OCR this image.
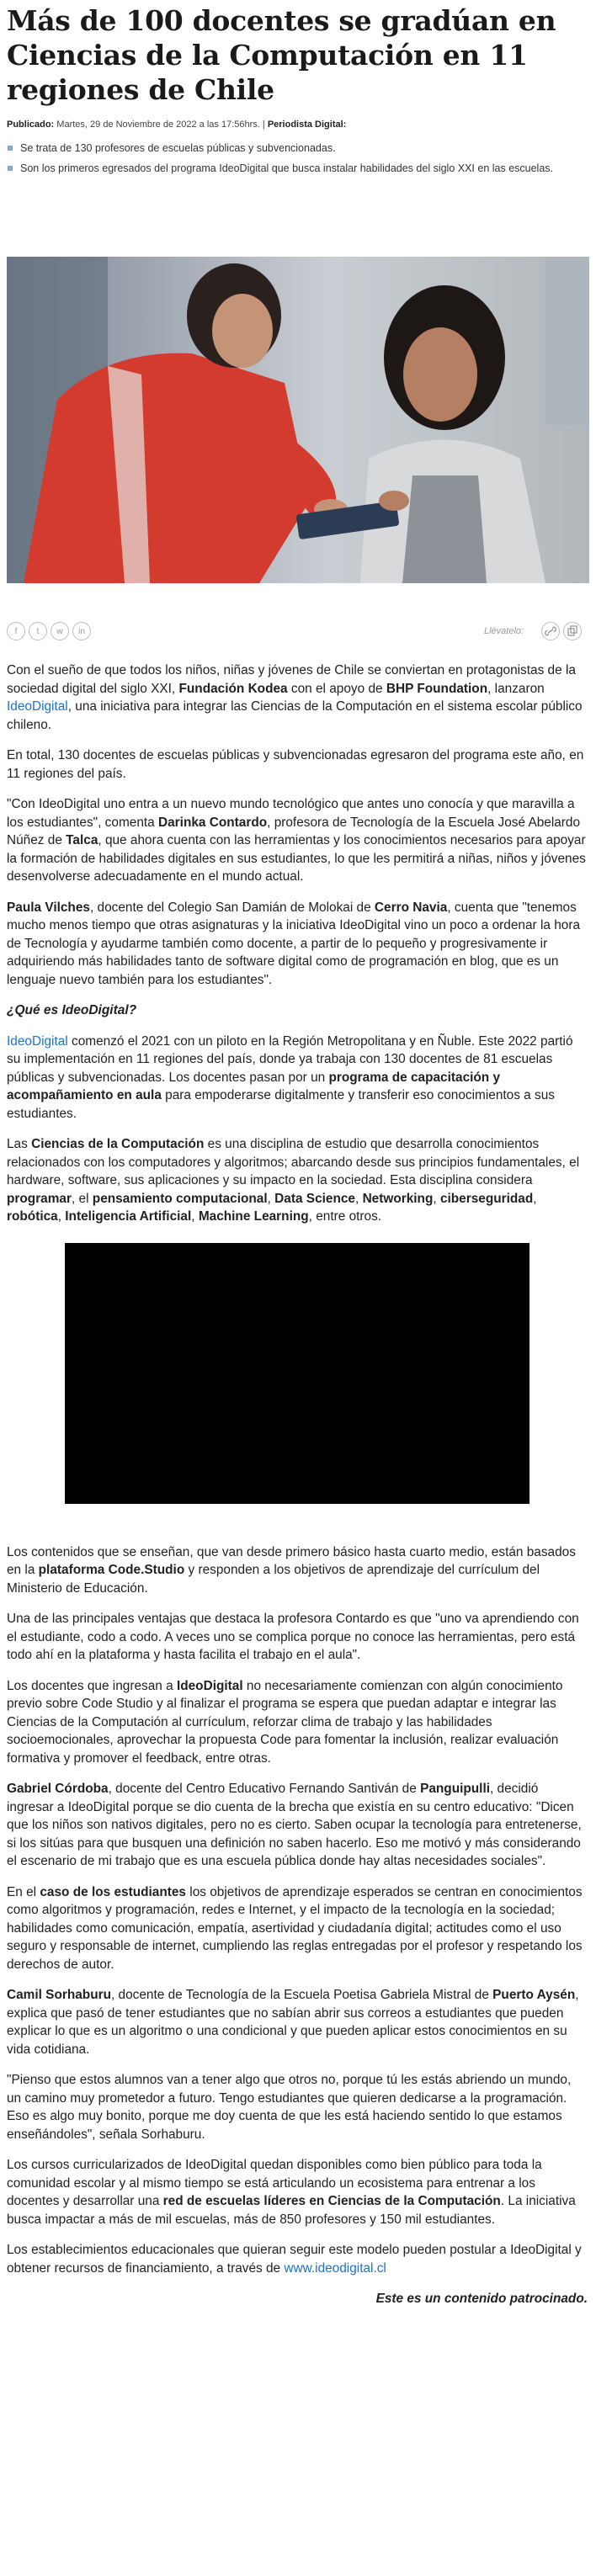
Más de 100 docentes se gradúan en Ciencias de la Computación en 11 regiones de Chile
Publicado: Martes, 29 de Noviembre de 2022 a las 17:56hrs. | Periodista Digital:
Se trata de 130 profesores de escuelas públicas y subvencionadas.
Son los primeros egresados del programa IdeoDigital que busca instalar habilidades del siglo XXI en las escuelas.
f	t	w	in	Llévatelo:

Con el sueño de que todos los niños, niñas y jóvenes de Chile se conviertan en protagonistas de la sociedad digital del siglo XXI, Fundación Kodea con el apoyo de BHP Foundation, lanzaron IdeoDigital, una iniciativa para integrar las Ciencias de la Computación en el sistema escolar público chileno.

En total, 130 docentes de escuelas públicas y subvencionadas egresaron del programa este año, en 11 regiones del país.

"Con IdeoDigital uno entra a un nuevo mundo tecnológico que antes uno conocía y que maravilla a los estudiantes", comenta Darinka Contardo, profesora de Tecnología de la Escuela José Abelardo Núñez de Talca, que ahora cuenta con las herramientas y los conocimientos necesarios para apoyar la formación de habilidades digitales en sus estudiantes, lo que les permitirá a niñas, niños y jóvenes desenvolverse adecuadamente en el mundo actual.

Paula Vilches, docente del Colegio San Damián de Molokai de Cerro Navia, cuenta que "tenemos mucho menos tiempo que otras asignaturas y la iniciativa IdeoDigital vino un poco a ordenar la hora de Tecnología y ayudarme también como docente, a partir de lo pequeño y progresivamente ir adquiriendo más habilidades tanto de software digital como de programación en blog, que es un lenguaje nuevo también para los estudiantes".

¿Qué es IdeoDigital?

IdeoDigital comenzó el 2021 con un piloto en la Región Metropolitana y en Ñuble. Este 2022 partió su implementación en 11 regiones del país, donde ya trabaja con 130 docentes de 81 escuelas públicas y subvencionadas. Los docentes pasan por un programa de capacitación y acompañamiento en aula para empoderarse digitalmente y transferir eso conocimientos a sus estudiantes.

Las Ciencias de la Computación es una disciplina de estudio que desarrolla conocimientos relacionados con los computadores y algoritmos; abarcando desde sus principios fundamentales, el hardware, software, sus aplicaciones y su impacto en la sociedad. Esta disciplina considera programar, el pensamiento computacional, Data Science, Networking, ciberseguridad, robótica, Inteligencia Artificial, Machine Learning, entre otros.

Los contenidos que se enseñan, que van desde primero básico hasta cuarto medio, están basados en la plataforma Code.Studio y responden a los objetivos de aprendizaje del currículum del Ministerio de Educación.

Una de las principales ventajas que destaca la profesora Contardo es que "uno va aprendiendo con el estudiante, codo a codo. A veces uno se complica porque no conoce las herramientas, pero está todo ahí en la plataforma y hasta facilita el trabajo en el aula".

Los docentes que ingresan a IdeoDigital no necesariamente comienzan con algún conocimiento previo sobre Code Studio y al finalizar el programa se espera que puedan adaptar e integrar las Ciencias de la Computación al currículum, reforzar clima de trabajo y las habilidades socioemocionales, aprovechar la propuesta Code para fomentar la inclusión, realizar evaluación formativa y promover el feedback, entre otras.

Gabriel Córdoba, docente del Centro Educativo Fernando Santiván de Panguipulli, decidió ingresar a IdeoDigital porque se dio cuenta de la brecha que existía en su centro educativo: "Dicen que los niños son nativos digitales, pero no es cierto. Saben ocupar la tecnología para entretenerse, si los sitúas para que busquen una definición no saben hacerlo. Eso me motivó y más considerando el escenario de mi trabajo que es una escuela pública donde hay altas necesidades sociales".

En el caso de los estudiantes los objetivos de aprendizaje esperados se centran en conocimientos como algoritmos y programación, redes e Internet, y el impacto de la tecnología en la sociedad; habilidades como comunicación, empatía, asertividad y ciudadanía digital; actitudes como el uso seguro y responsable de internet, cumpliendo las reglas entregadas por el profesor y respetando los derechos de autor.

Camil Sorhaburu, docente de Tecnología de la Escuela Poetisa Gabriela Mistral de Puerto Aysén, explica que pasó de tener estudiantes que no sabían abrir sus correos a estudiantes que pueden explicar lo que es un algoritmo o una condicional y que pueden aplicar estos conocimientos en su vida cotidiana.

"Pienso que estos alumnos van a tener algo que otros no, porque tú les estás abriendo un mundo, un camino muy prometedor a futuro. Tengo estudiantes que quieren dedicarse a la programación. Eso es algo muy bonito, porque me doy cuenta de que les está haciendo sentido lo que estamos enseñándoles", señala Sorhaburu.

Los cursos curricularizados de IdeoDigital quedan disponibles como bien público para toda la comunidad escolar y al mismo tiempo se está articulando un ecosistema para entrenar a los docentes y desarrollar una red de escuelas líderes en Ciencias de la Computación. La iniciativa busca impactar a más de mil escuelas, más de 850 profesores y 150 mil estudiantes.

Los establecimientos educacionales que quieran seguir este modelo pueden postular a IdeoDigital y obtener recursos de financiamiento, a través de www.ideodigital.cl

Este es un contenido patrocinado.
